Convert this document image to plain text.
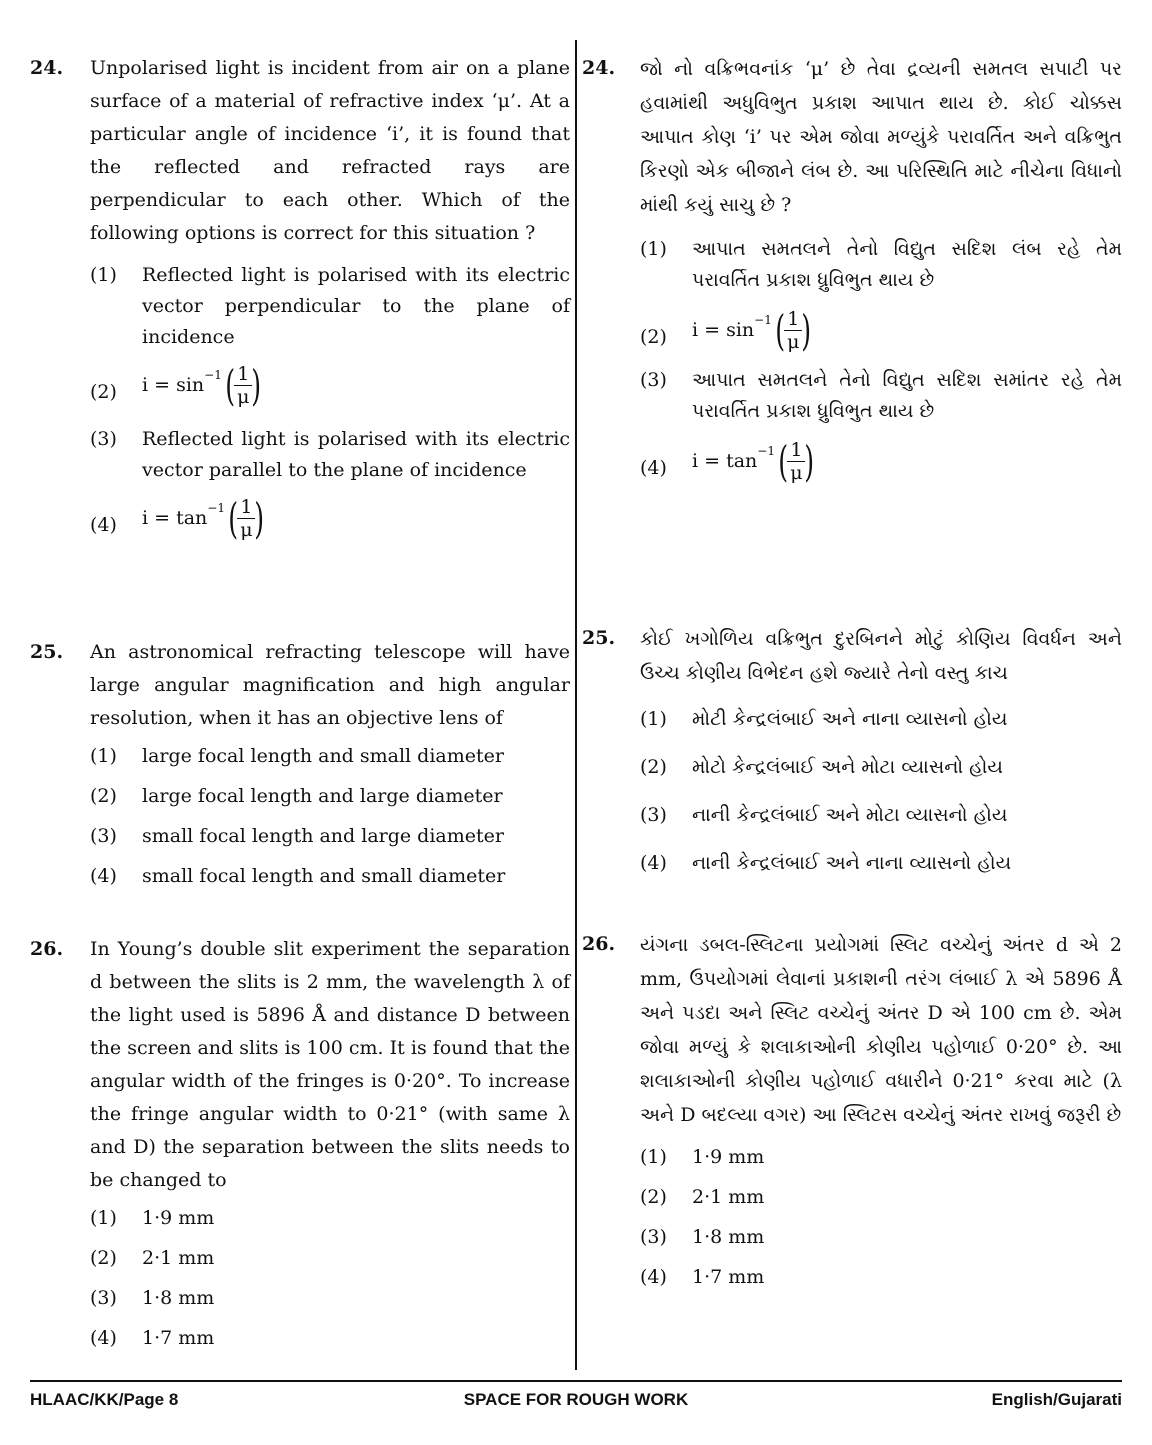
24. Unpolarised light is incident from air on a plane surface of a material of refractive index ‘μ’. At a particular angle of incidence ‘i’, it is found that the reflected and refracted rays are perpendicular to each other. Which of the following options is correct for this situation ?
(1) Reflected light is polarised with its electric vector perpendicular to the plane of incidence
(2) $i = \sin^{-1}$ ( $\frac{1}{\mu}$ )
(3) Reflected light is polarised with its electric vector parallel to the plane of incidence
(4) $i = \tan^{-1}$ ( $\frac{1}{\mu}$ )
25. An astronomical refracting telescope will have large angular magnification and high angular resolution, when it has an objective lens of
(1) large focal length and small diameter
(2) large focal length and large diameter
(3) small focal length and large diameter
(4) small focal length and small diameter
26. In Young’s double slit experiment the separation d between the slits is 2 mm, the wavelength λ of the light used is 5896 Å and distance D between the screen and slits is 100 cm. It is found that the angular width of the fringes is 0·20°. To increase the fringe angular width to 0·21° (with same λ and D) the separation between the slits needs to be changed to
(1) 1·9 mm
(2) 2·1 mm
(3) 1·8 mm
(4) 1·7 mm
24. જો નો વક્રિભવનાંક ‘μ’ છે તેવા દ્રવ્યની સમતલ સપાટી પર હવામાંથી અધુવિભુત પ્રકાશ આપાત થાય છે. કોઈ ચોક્કસ આપાત કોણ ‘i’ પર એમ જોવા મળ્યુંકે પરાવર્તિત અને વક્રિભુત કિરણો એક બીજાને લંબ છે. આ પરિસ્થિતિ માટે નીચેના વિધાનો માંથી કયું સાચુ છે ?
(1) આપાત સમતલને તેનો વિદ્યુત સદિશ લંબ રહે તેમ પરાવર્તિત પ્રકાશ ધ્રુવિભુત થાય છે
(2) $i = \sin^{-1}$ ( $\frac{1}{\mu}$ )
(3) આપાત સમતલને તેનો વિદ્યુત સદિશ સમાંતર રહે તેમ પરાવર્તિત પ્રકાશ ધ્રુવિભુત થાય છે
(4) $i = \tan^{-1}$ ( $\frac{1}{\mu}$ )
25. કોઈ ખગોળિય વક્રિભુત દુરબિનને મોટું કોણિય વિવર્ધન અને ઉચ્ચ કોણીય વિભેદન હશે જ્યારે તેનો વસ્તુ કાચ
(1) મોટી કેન્દ્રલંબાઈ અને નાના વ્યાસનો હોય
(2) મોટો કેન્દ્રલંબાઈ અને મોટા વ્યાસનો હોય
(3) નાની કેન્દ્રલંબાઈ અને મોટા વ્યાસનો હોય
(4) નાની કેન્દ્રલંબાઈ અને નાના વ્યાસનો હોય
26. યંગના ડબલ-સ્લિટના પ્રયોગમાં સ્લિટ વચ્ચેનું અંતર d એ 2 mm, ઉપયોગમાં લેવાનાં પ્રકાશની તરંગ લંબાઈ λ એ 5896 Å અને પડદા અને સ્લિટ વચ્ચેનું અંતર D એ 100 cm છે. એમ જોવા મળ્યું કે શલાકાઓની કોણીય પહોળાઈ 0·20° છે. આ શલાકાઓની કોણીય પહોળાઈ વધારીને 0·21° કરવા માટે (λ અને D બદલ્યા વગર) આ સ્લિટસ વચ્ચેનું અંતર રાખવું જરૂરી છે
(1) 1·9 mm
(2) 2·1 mm
(3) 1·8 mm
(4) 1·7 mm
HLAAC/KK/Page 8	SPACE FOR ROUGH WORK	English/Gujarati
